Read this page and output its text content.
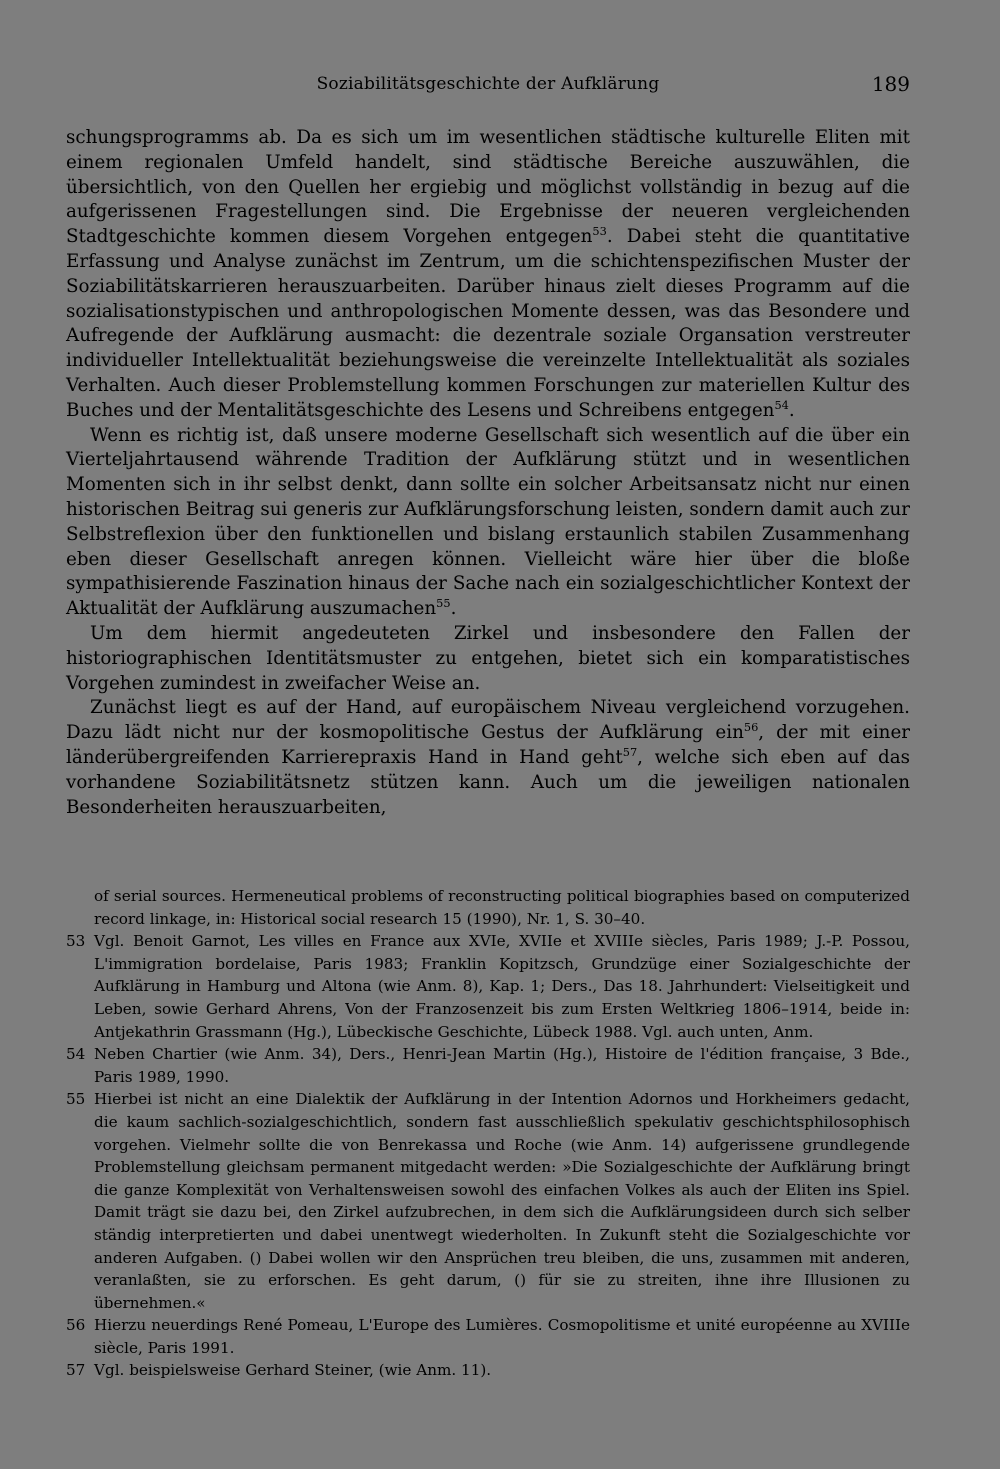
Soziabilitätsgeschichte der Aufklärung	189

schungsprogramms ab. Da es sich um im wesentlichen städtische kulturelle Eliten mit einem regionalen Umfeld handelt, sind städtische Bereiche auszuwählen, die übersichtlich, von den Quellen her ergiebig und möglichst vollständig in bezug auf die aufgerissenen Fragestellungen sind. Die Ergebnisse der neueren vergleichenden Stadtgeschichte kommen diesem Vorgehen entgegen$^{53}$. Dabei steht die quantitative Erfassung und Analyse zunächst im Zentrum, um die schichtenspezifischen Muster der Soziabilitätskarrieren herauszuarbeiten. Darüber hinaus zielt dieses Programm auf die sozialisationstypischen und anthropologischen Momente dessen, was das Besondere und Aufregende der Aufklärung ausmacht: die dezentrale soziale Organsation verstreuter individueller Intellektualität beziehungsweise die vereinzelte Intellektualität als soziales Verhalten. Auch dieser Problemstellung kommen Forschungen zur materiellen Kultur des Buches und der Mentalitätsgeschichte des Lesens und Schreibens entgegen$^{54}$.

Wenn es richtig ist, daß unsere moderne Gesellschaft sich wesentlich auf die über ein Vierteljahrtausend währende Tradition der Aufklärung stützt und in wesentlichen Momenten sich in ihr selbst denkt, dann sollte ein solcher Arbeitsansatz nicht nur einen historischen Beitrag sui generis zur Aufklärungsforschung leisten, sondern damit auch zur Selbstreflexion über den funktionellen und bislang erstaunlich stabilen Zusammenhang eben dieser Gesellschaft anregen können. Vielleicht wäre hier über die bloße sympathisierende Faszination hinaus der Sache nach ein sozialgeschichtlicher Kontext der Aktualität der Aufklärung auszumachen$^{55}$.

Um dem hiermit angedeuteten Zirkel und insbesondere den Fallen der historiographischen Identitätsmuster zu entgehen, bietet sich ein komparatistisches Vorgehen zumindest in zweifacher Weise an.

Zunächst liegt es auf der Hand, auf europäischem Niveau vergleichend vorzugehen. Dazu lädt nicht nur der kosmopolitische Gestus der Aufklärung ein$^{56}$, der mit einer länderübergreifenden Karrierepraxis Hand in Hand geht$^{57}$, welche sich eben auf das vorhandene Soziabilitätsnetz stützen kann. Auch um die jeweiligen nationalen Besonderheiten herauszuarbeiten,

of serial sources. Hermeneutical problems of reconstructing political biographies based on computerized record linkage, in: Historical social research 15 (1990), Nr. 1, S. 30–40.

53 Vgl. Benoit Garnot, Les villes en France aux XVIe, XVIIe et XVIIIe siècles, Paris 1989; J.-P. Possou, L'immigration bordelaise, Paris 1983; Franklin Kopitzsch, Grundzüge einer Sozialgeschichte der Aufklärung in Hamburg und Altona (wie Anm. 8), Kap. 1; Ders., Das 18. Jahrhundert: Vielseitigkeit und Leben, sowie Gerhard Ahrens, Von der Franzosenzeit bis zum Ersten Weltkrieg 1806–1914, beide in: Antjekathrin Grassmann (Hg.), Lübeckische Geschichte, Lübeck 1988. Vgl. auch unten, Anm.
54 Neben Chartier (wie Anm. 34), Ders., Henri-Jean Martin (Hg.), Histoire de l'édition française, 3 Bde., Paris 1989, 1990.
55 Hierbei ist nicht an eine Dialektik der Aufklärung in der Intention Adornos und Horkheimers gedacht, die kaum sachlich-sozialgeschichtlich, sondern fast ausschließlich spekulativ geschichtsphilosophisch vorgehen. Vielmehr sollte die von Benrekassa und Roche (wie Anm. 14) aufgerissene grundlegende Problemstellung gleichsam permanent mitgedacht werden: »Die Sozialgeschichte der Aufklärung bringt die ganze Komplexität von Verhaltensweisen sowohl des einfachen Volkes als auch der Eliten ins Spiel. Damit trägt sie dazu bei, den Zirkel aufzubrechen, in dem sich die Aufklärungsideen durch sich selber ständig interpretierten und dabei unentwegt wiederholten. In Zukunft steht die Sozialgeschichte vor anderen Aufgaben. () Dabei wollen wir den Ansprüchen treu bleiben, die uns, zusammen mit anderen, veranlaßten, sie zu erforschen. Es geht darum, () für sie zu streiten, ihne ihre Illusionen zu übernehmen.«
56 Hierzu neuerdings René Pomeau, L'Europe des Lumières. Cosmopolitisme et unité européenne au XVIIIe siècle, Paris 1991.
57 Vgl. beispielsweise Gerhard Steiner, (wie Anm. 11).
